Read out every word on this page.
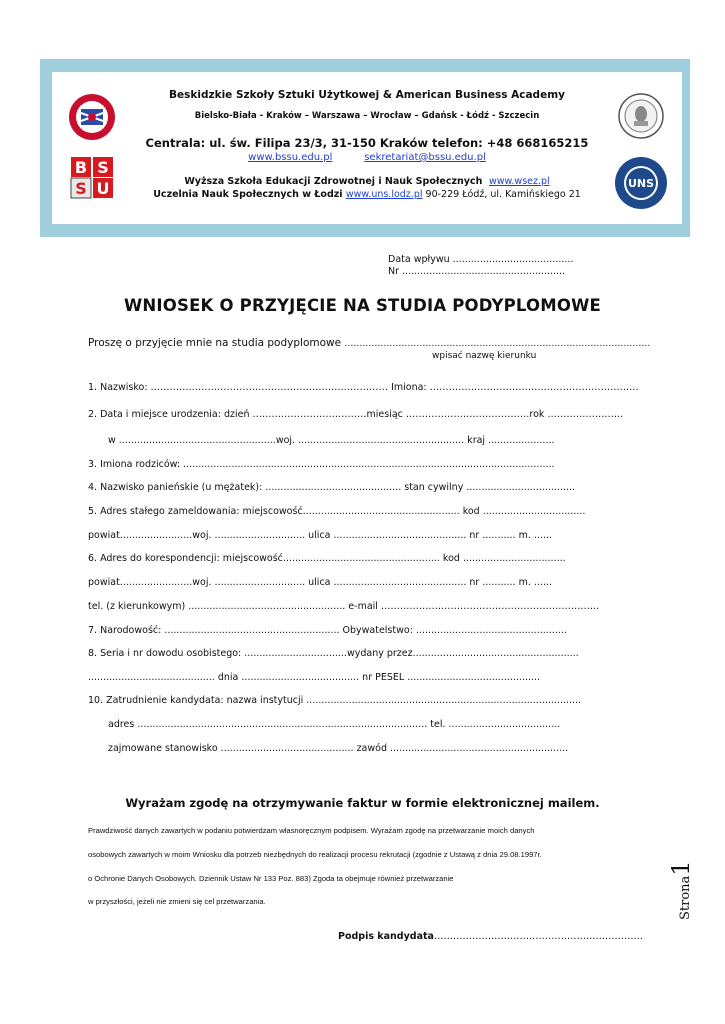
Beskidzkie Szkoły Sztuki Użytkowej & American Business Academy
Bielsko-Biała - Kraków – Warszawa – Wrocław – Gdańsk - Łódź - Szczecin
Centrala: ul. św. Filipa 23/3, 31-150 Kraków telefon: +48 668165215
www.bssu.edu.pl	sekretariat@bssu.edu.pl
Wyższa Szkoła Edukacji Zdrowotnej i Nauk Społecznych www.wsez.pl
Uczelnia Nauk Społecznych w Łodzi www.uns.lodz.pl 90-229 Łódź, ul. Kamińskiego 21
B S
S U	UNS
Data wpływu ........................................
Nr ......................................................
WNIOSEK O PRZYJĘCIE NA STUDIA PODYPLOMOWE
Proszę o przyjęcie mnie na studia podyplomowe …………………………………………………………………………………………
wpisać nazwę kierunku
1. Nazwisko: ………………………………………………………………… Imiona: …………………………………………………………
2. Data i miejsce urodzenia: dzień ………………………………miesiąc …………………………………rok ……………………
w ....................................................woj. ....................................................... kraj ......................
3. Imiona rodziców: ...........................................................................................................................
4. Nazwisko panieńskie (u mężatek): ............................................. stan cywilny ....................................
5. Adres stałego zameldowania: miejscowość.................................................... kod ..................................
powiat........................woj. .............................. ulica ............................................ nr ........... m. ......
6. Adres do korespondencji: miejscowość.................................................... kod ..................................
powiat........................woj. .............................. ulica ............................................ nr ........... m. ......
tel. (z kierunkowym) .................................................... e-mail ……………………………………………………………
7. Narodowość: .......................................................... Obywatelstwo: ..................................................
8. Seria i nr dowodu osobistego: ..................................wydany przez.......................................................
.......................................... dnia ....................................... nr PESEL ............................................
10. Zatrudnienie kandydata: nazwa instytucji ...........................................................................................
adres ................................................................................................ tel. .....................................
zajmowane stanowisko ............................................ zawód ...........................................................
Wyrażam zgodę na otrzymywanie faktur w formie elektronicznej mailem.
Prawdziwość danych zawartych w podaniu potwierdzam własnoręcznym podpisem. Wyrażam zgodę na przetwarzanie moich danych
osobowych zawartych w moim Wniosku dla potrzeb niezbędnych do realizacji procesu rekrutacji (zgodnie z Ustawą z dnia 29.08.1997r.
o Ochronie Danych Osobowych. Dziennik Ustaw Nr 133 Poz. 883) Zgoda ta obejmuje również przetwarzanie
w przyszłości, jeżeli nie zmieni się cel przetwarzania.
Podpis kandydata…………………………………………………………
Strona1
